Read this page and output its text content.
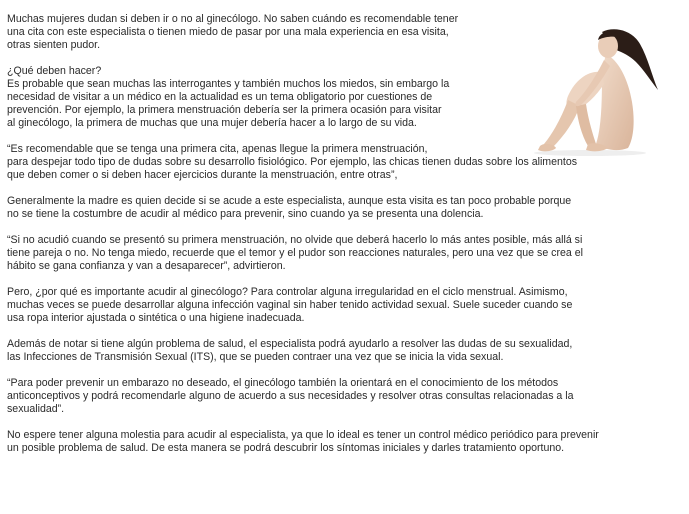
Muchas mujeres dudan si deben ir o no al ginecólogo. No saben cuándo es recomendable tener
una cita con este especialista o tienen miedo de pasar por una mala experiencia en esa visita,
otras sienten pudor.

¿Qué deben hacer?
Es probable que sean muchas las interrogantes y también muchos los miedos, sin embargo la
necesidad de visitar a un médico en la actualidad es un tema obligatorio por cuestiones de
prevención. Por ejemplo, la primera menstruación debería ser la primera ocasión para visitar
al ginecólogo, la primera de muchas que una mujer debería hacer a lo largo de su vida.

“Es recomendable que se tenga una primera cita, apenas llegue la primera menstruación,
para despejar todo tipo de dudas sobre su desarrollo fisiológico. Por ejemplo, las chicas tienen dudas sobre los alimentos
que deben comer o si deben hacer ejercicios durante la menstruación, entre otras”,

Generalmente la madre es quien decide si se acude a este especialista, aunque esta visita es tan poco probable porque
no se tiene la costumbre de acudir al médico para prevenir, sino cuando ya se presenta una dolencia.

“Si no acudió cuando se presentó su primera menstruación, no olvide que deberá hacerlo lo más antes posible, más allá si
tiene pareja o no. No tenga miedo, recuerde que el temor y el pudor son reacciones naturales, pero una vez que se crea el
hábito se gana confianza y van a desaparecer”, advirtieron.

Pero, ¿por qué es importante acudir al ginecólogo? Para controlar alguna irregularidad en el ciclo menstrual. Asimismo,
muchas veces se puede desarrollar alguna infección vaginal sin haber tenido actividad sexual. Suele suceder cuando se
usa ropa interior ajustada o sintética o una higiene inadecuada.

Además de notar si tiene algún problema de salud, el especialista podrá ayudarlo a resolver las dudas de su sexualidad,
las Infecciones de Transmisión Sexual (ITS), que se pueden contraer una vez que se inicia la vida sexual.

“Para poder prevenir un embarazo no deseado, el ginecólogo también la orientará en el conocimiento de los métodos
anticonceptivos y podrá recomendarle alguno de acuerdo a sus necesidades y resolver otras consultas relacionadas a la
sexualidad”.

No espere tener alguna molestia para acudir al especialista, ya que lo ideal es tener un control médico periódico para prevenir
un posible problema de salud. De esta manera se podrá descubrir los síntomas iniciales y darles tratamiento oportuno.
